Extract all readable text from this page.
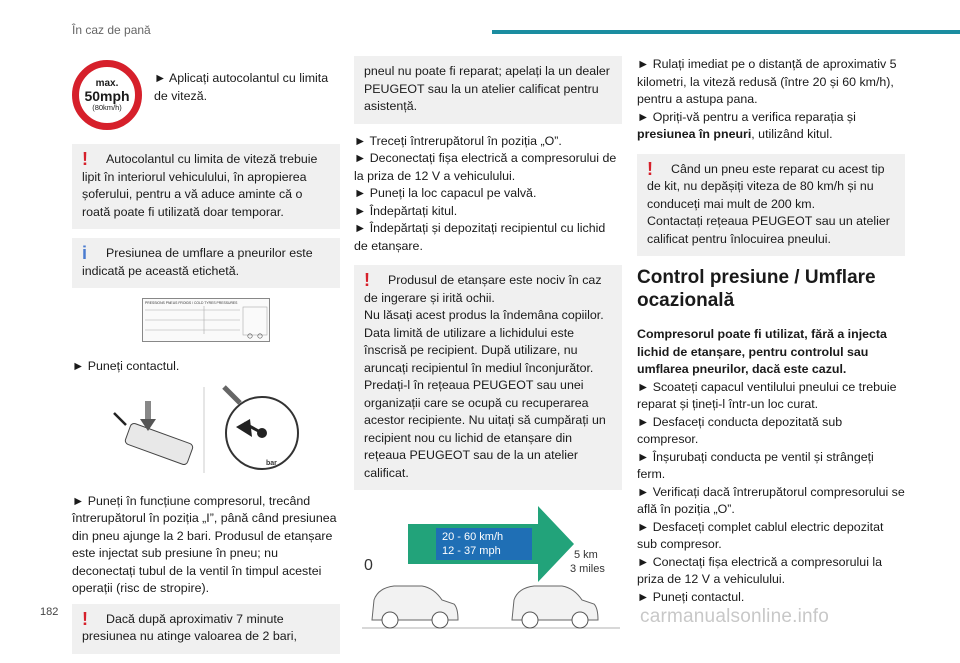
În caz de pană
max.
50mph
(80km/h)
► Aplicați autocolantul cu limita de viteză.
!	Autocolantul cu limita de viteză trebuie lipit în interiorul vehiculului, în apropierea șoferului, pentru a vă aduce aminte că o roată poate fi utilizată doar temporar.
i	Presiunea de umflare a pneurilor este indicată pe această etichetă.
PRESSIONS PNEUS FROIDS / COLD TYRES PRESSURES

► Puneți contactul.

bar

► Puneți în funcțiune compresorul, trecând întrerupătorul în poziția „I”, până când presiunea din pneu ajunge la 2 bari. Produsul de etanșare este injectat sub presiune în pneu; nu deconectați tubul de la ventil în timpul acestei operații (risc de stropire).

!	Dacă după aproximativ 7 minute presiunea nu atinge valoarea de 2 bari,
pneul nu poate fi reparat; apelați la un dealer PEUGEOT sau la un atelier calificat pentru asistență.
► Treceți întrerupătorul în poziția „O”.
► Deconectați fișa electrică a compresorului de la priza de 12 V a vehiculului.
► Puneți la loc capacul pe valvă.
► Îndepărtați kitul.
► Îndepărtați și depozitați recipientul cu lichid de etanșare.
!	Produsul de etanșare este nociv în caz de ingerare și irită ochii.
Nu lăsați acest produs la îndemâna copiilor. Data limită de utilizare a lichidului este înscrisă pe recipient. După utilizare, nu aruncați recipientul în mediul înconjurător. Predați-l în rețeaua PEUGEOT sau unei organizații care se ocupă cu recuperarea acestor recipiente. Nu uitați să cumpărați un recipient nou cu lichid de etanșare din rețeaua PEUGEOT sau de la un atelier calificat.
20 - 60 km/h
12 - 37 mph	5 km
3 miles
0

► Rulați imediat pe o distanță de aproximativ 5 kilometri, la viteză redusă (între 20 și 60 km/h), pentru a astupa pana.

► Opriți-vă pentru a verifica reparația și presiunea în pneuri, utilizând kitul.

!	Când un pneu este reparat cu acest tip de kit, nu depășiți viteza de 80 km/h și nu conduceți mai mult de 200 km.
Contactați rețeaua PEUGEOT sau un atelier calificat pentru înlocuirea pneului.
Control presiune / Umflare ocazională

Compresorul poate fi utilizat, fără a injecta lichid de etanșare, pentru controlul sau umflarea pneurilor, dacă este cazul.

► Scoateți capacul ventilului pneului ce trebuie reparat și țineți-l într-un loc curat.
► Desfaceți conducta depozitată sub compresor.
► Înșurubați conducta pe ventil și strângeți ferm.
► Verificați dacă întrerupătorul compresorului se află în poziția „O”.
► Desfaceți complet cablul electric depozitat sub compresor.
► Conectați fișa electrică a compresorului la priza de 12 V a vehiculului.
► Puneți contactul.
182	carmanualsonline.info
